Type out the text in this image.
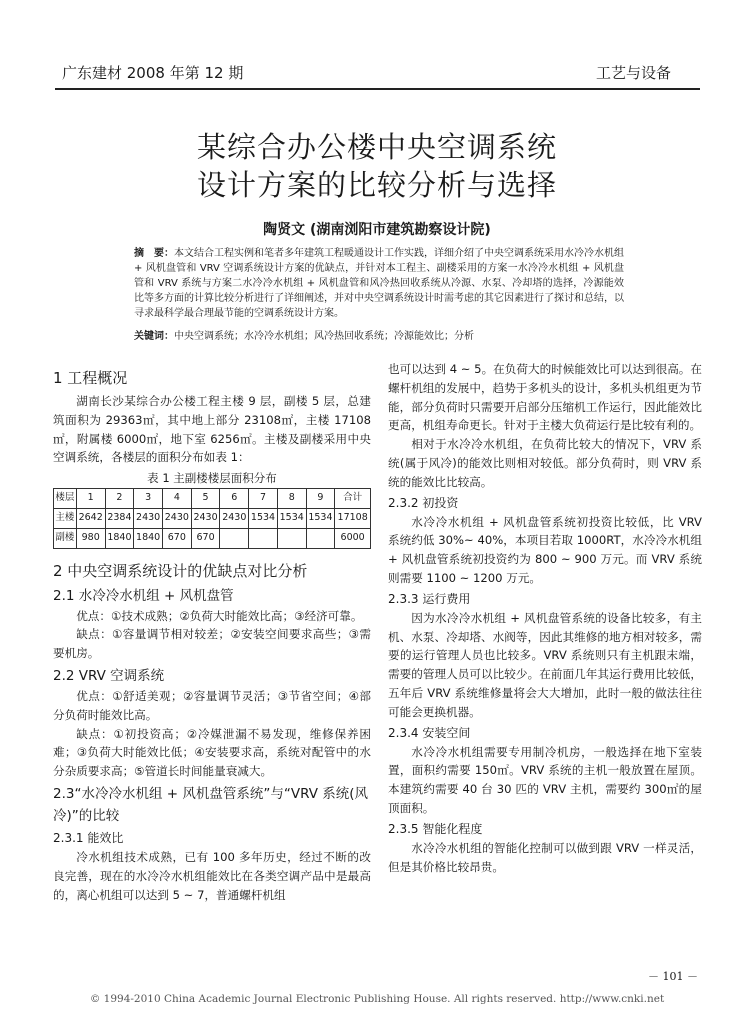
广东建材 2008 年第 12 期	工艺与设备
某综合办公楼中央空调系统
设计方案的比较分析与选择
陶贤文 (湖南浏阳市建筑勘察设计院)
摘　要：本文结合工程实例和笔者多年建筑工程暖通设计工作实践，详细介绍了中央空调系统采用水冷冷水机组 + 风机盘管和 VRV 空调系统设计方案的优缺点，并针对本工程主、副楼采用的方案一水冷冷水机组 + 风机盘管和 VRV 系统与方案二水冷冷水机组 + 风机盘管和风冷热回收系统从冷源、水泵、冷却塔的选择，冷源能效比等多方面的计算比较分析进行了详细阐述，并对中央空调系统设计时需考虑的其它因素进行了探讨和总结，以寻求最科学最合理最节能的空调系统设计方案。
关键词：中央空调系统；水冷冷水机组；风冷热回收系统；冷源能效比；分析
1 工程概况

湖南长沙某综合办公楼工程主楼 9 层，副楼 5 层，总建筑面积为 29363㎡，其中地上部分 23108㎡，主楼 17108㎡，附属楼 6000㎡，地下室 6256㎡。主楼及副楼采用中央空调系统，各楼层的面积分布如表 1：

表 1 主副楼楼层面积分布
楼层	1	2	3	4	5	6	7	8	9	合计
主楼	2642	2384	2430	2430	2430	2430	1534	1534	1534	17108
副楼	980	1840	1840	670	670					6000
2 中央空调系统设计的优缺点对比分析
2.1 水冷冷水机组 + 风机盘管

优点：①技术成熟；②负荷大时能效比高；③经济可靠。

缺点：①容量调节相对较差；②安装空间要求高些；③需要机房。

2.2 VRV 空调系统

优点：①舒适美观；②容量调节灵活；③节省空间；④部分负荷时能效比高。

缺点：①初投资高；②冷媒泄漏不易发现，维修保养困难；③负荷大时能效比低；④安装要求高，系统对配管中的水分杂质要求高；⑤管道长时间能量衰减大。

2.3“水冷冷水机组 + 风机盘管系统”与“VRV 系统(风冷)”的比较
2.3.1 能效比

冷水机组技术成熟，已有 100 多年历史，经过不断的改良完善，现在的水冷冷水机组能效比在各类空调产品中是最高的，离心机组可以达到 5 ~ 7，普通螺杆机组

也可以达到 4 ~ 5。在负荷大的时候能效比可以达到很高。在螺杆机组的发展中，趋势于多机头的设计，多机头机组更为节能，部分负荷时只需要开启部分压缩机工作运行，因此能效比更高，机组寿命更长。针对于主楼大负荷运行是比较有利的。

相对于水冷冷水机组，在负荷比较大的情况下，VRV 系统(属于风冷)的能效比则相对较低。部分负荷时，则 VRV 系统的能效比比较高。

2.3.2 初投资

水冷冷水机组 + 风机盘管系统初投资比较低，比 VRV 系统约低 30%~ 40%，本项目若取 1000RT，水冷冷水机组 + 风机盘管系统初投资约为 800 ~ 900 万元。而 VRV 系统则需要 1100 ~ 1200 万元。

2.3.3 运行费用

因为水冷冷水机组 + 风机盘管系统的设备比较多，有主机、水泵、冷却塔、水阀等，因此其维修的地方相对较多，需要的运行管理人员也比较多。VRV 系统则只有主机跟末端，需要的管理人员可以比较少。在前面几年其运行费用比较低，五年后 VRV 系统维修量将会大大增加，此时一般的做法往往可能会更换机器。

2.3.4 安装空间

水冷冷水机组需要专用制冷机房，一般选择在地下室装置，面积约需要 150㎡。VRV 系统的主机一般放置在屋顶。本建筑约需要 40 台 30 匹的 VRV 主机，需要约 300㎡的屋顶面积。

2.3.5 智能化程度

水冷冷水机组的智能化控制可以做到跟 VRV 一样灵活，但是其价格比较昂贵。

－ 101 －
© 1994-2010 China Academic Journal Electronic Publishing House. All rights reserved. http://www.cnki.net
